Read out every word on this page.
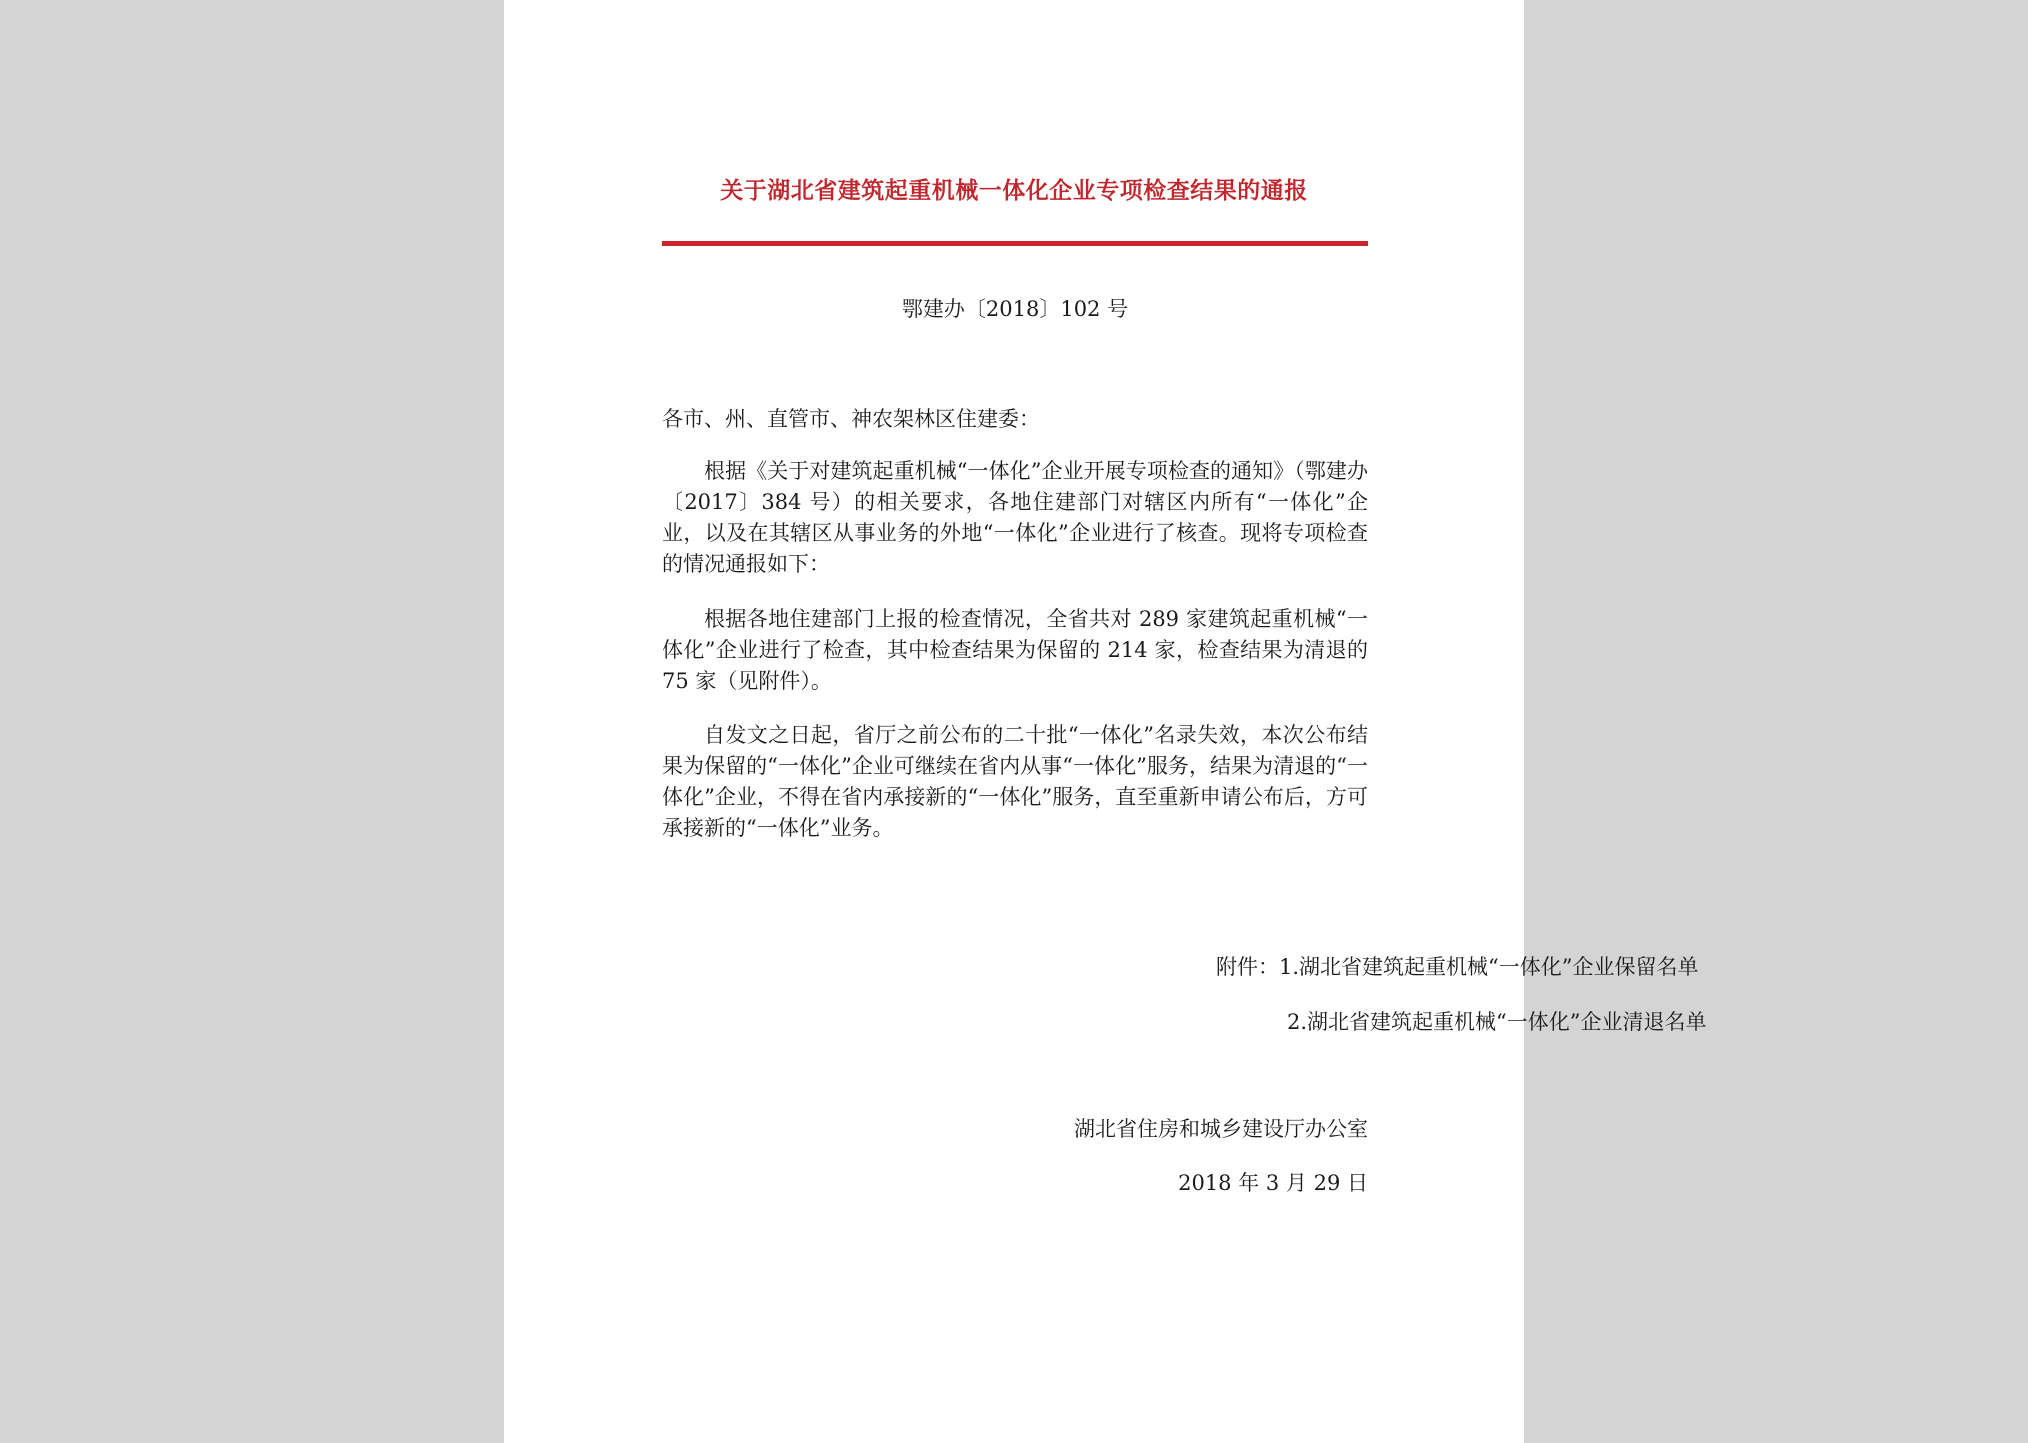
关于湖北省建筑起重机械一体化企业专项检查结果的通报
鄂建办〔2018〕102 号
各市、州、直管市、神农架林区住建委：

根据《关于对建筑起重机械“一体化”企业开展专项检查的通知》（鄂建办〔2017〕384 号）的相关要求，各地住建部门对辖区内所有“一体化”企业，以及在其辖区从事业务的外地“一体化”企业进行了核查。现将专项检查的情况通报如下：

根据各地住建部门上报的检查情况，全省共对 289 家建筑起重机械“一体化”企业进行了检查，其中检查结果为保留的 214 家，检查结果为清退的 75 家（见附件）。

自发文之日起，省厅之前公布的二十批“一体化”名录失效，本次公布结果为保留的“一体化”企业可继续在省内从事“一体化”服务，结果为清退的“一体化”企业，不得在省内承接新的“一体化”服务，直至重新申请公布后，方可承接新的“一体化”业务。

附件：1.湖北省建筑起重机械“一体化”企业保留名单
2.湖北省建筑起重机械“一体化”企业清退名单
湖北省住房和城乡建设厅办公室
2018 年 3 月 29 日
